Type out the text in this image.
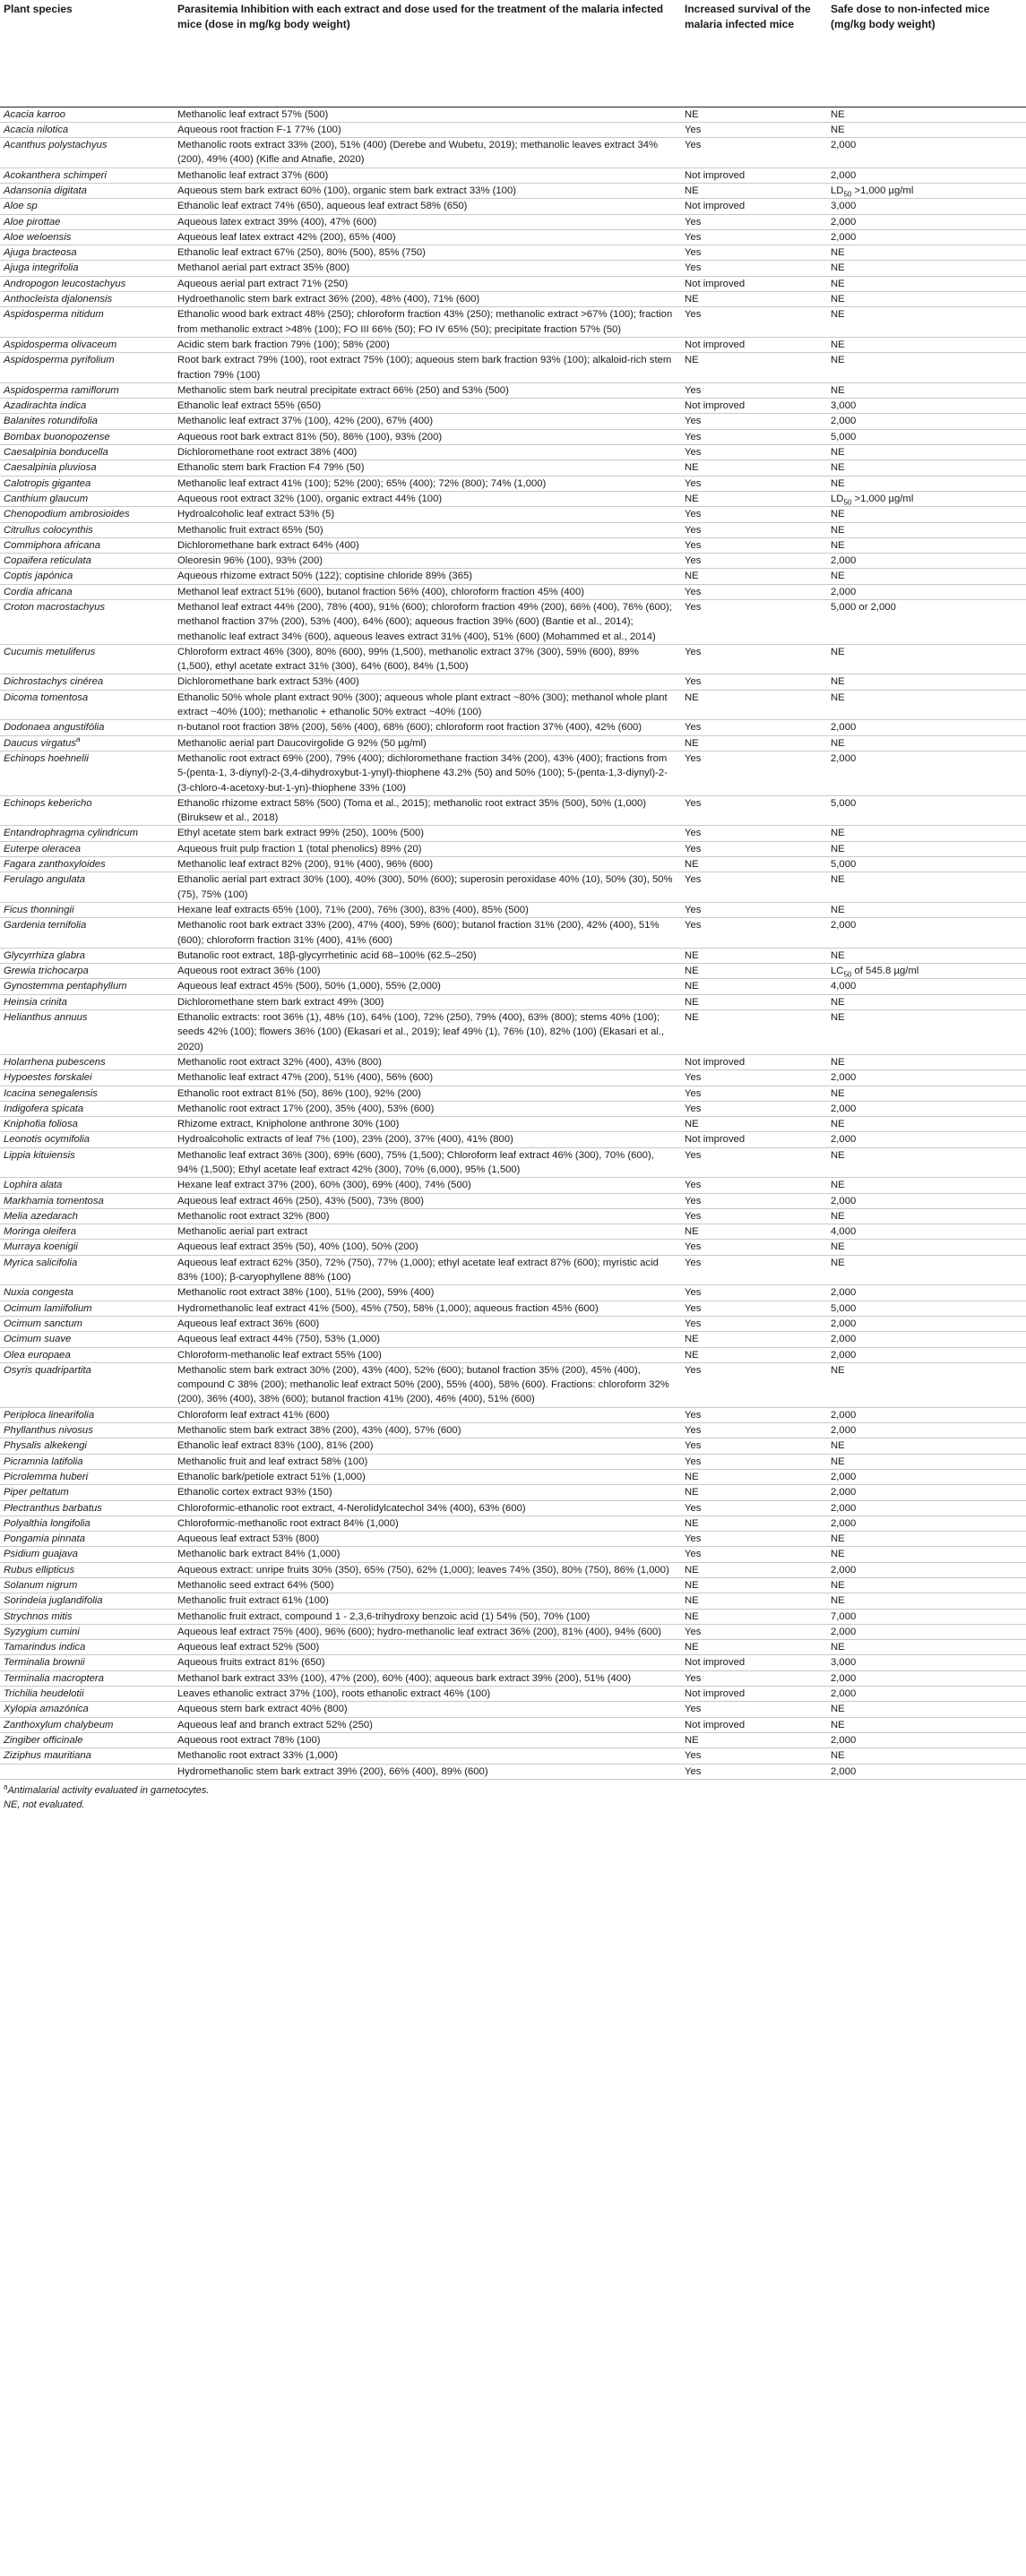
Plant species	Parasitemia Inhibition with each extract and dose used for the treatment of the malaria infected mice (dose in mg/kg body weight)	Increased survival of the malaria infected mice	Safe dose to non-infected mice (mg/kg body weight)
Acacia karroo	Methanolic leaf extract 57% (500)	NE	NE
Acacia nilotica	Aqueous root fraction F-1 77% (100)	Yes	NE
Acanthus polystachyus	Methanolic roots extract 33% (200), 51% (400) (Derebe and Wubetu, 2019); methanolic leaves extract 34% (200), 49% (400) (Kifle and Atnafie, 2020)	Yes	2,000
Acokanthera schimperi	Methanolic leaf extract 37% (600)	Not improved	2,000
Adansonia digitata	Aqueous stem bark extract 60% (100), organic stem bark extract 33% (100)	NE	$LD_{50} >1,000$ µg/ml
Aloe sp	Ethanolic leaf extract 74% (650), aqueous leaf extract 58% (650)	Not improved	3,000
Aloe pirottae	Aqueous latex extract 39% (400), 47% (600)	Yes	2,000
Aloe weloensis	Aqueous leaf latex extract 42% (200), 65% (400)	Yes	2,000
Ajuga bracteosa	Ethanolic leaf extract 67% (250), 80% (500), 85% (750)	Yes	NE
Ajuga integrifolia	Methanol aerial part extract 35% (800)	Yes	NE
Andropogon leucostachyus	Aqueous aerial part extract 71% (250)	Not improved	NE
Anthocleista djalonensis	Hydroethanolic stem bark extract 36% (200), 48% (400), 71% (600)	NE	NE
Aspidosperma nitidum	Ethanolic wood bark extract 48% (250); chloroform fraction 43% (250); methanolic extract >67% (100); fraction from methanolic extract >48% (100); FO III 66% (50); FO IV 65% (50); precipitate fraction 57% (50)	Yes	NE
Aspidosperma olivaceum	Acidic stem bark fraction 79% (100); 58% (200)	Not improved	NE
Aspidosperma pyrifolium	Root bark extract 79% (100), root extract 75% (100); aqueous stem bark fraction 93% (100); alkaloid-rich stem fraction 79% (100)	NE	NE
Aspidosperma ramiflorum	Methanolic stem bark neutral precipitate extract 66% (250) and 53% (500)	Yes	NE
Azadirachta indica	Ethanolic leaf extract 55% (650)	Not improved	3,000
Balanites rotundifolia	Methanolic leaf extract 37% (100), 42% (200), 67% (400)	Yes	2,000
Bombax buonopozense	Aqueous root bark extract 81% (50), 86% (100), 93% (200)	Yes	5,000
Caesalpinia bonducella	Dichloromethane root extract 38% (400)	Yes	NE
Caesalpinia pluviosa	Ethanolic stem bark Fraction F4 79% (50)	NE	NE
Calotropis gigantea	Methanolic leaf extract 41% (100); 52% (200); 65% (400); 72% (800); 74% (1,000)	Yes	NE
Canthium glaucum	Aqueous root extract 32% (100), organic extract 44% (100)	NE	$LD_{50} >1,000$ µg/ml
Chenopodium ambrosioides	Hydroalcoholic leaf extract 53% (5)	Yes	NE
Citrullus colocynthis	Methanolic fruit extract 65% (50)	Yes	NE
Commiphora africana	Dichloromethane bark extract 64% (400)	Yes	NE
Copaifera reticulata	Oleoresin 96% (100), 93% (200)	Yes	2,000
Coptis japónica	Aqueous rhizome extract 50% (122); coptisine chloride 89% (365)	NE	NE
Cordia africana	Methanol leaf extract 51% (600), butanol fraction 56% (400), chloroform fraction 45% (400)	Yes	2,000
Croton macrostachyus	Methanol leaf extract 44% (200), 78% (400), 91% (600); chloroform fraction 49% (200), 66% (400), 76% (600); methanol fraction 37% (200), 53% (400), 64% (600); aqueous fraction 39% (600) (Bantie et al., 2014); methanolic leaf extract 34% (600), aqueous leaves extract 31% (400), 51% (600) (Mohammed et al., 2014)	Yes	5,000 or 2,000
Cucumis metuliferus	Chloroform extract 46% (300), 80% (600), 99% (1,500), methanolic extract 37% (300), 59% (600), 89% (1,500), ethyl acetate extract 31% (300), 64% (600), 84% (1,500)	Yes	NE
Dichrostachys cinérea	Dichloromethane bark extract 53% (400)	Yes	NE
Dicoma tomentosa	Ethanolic 50% whole plant extract 90% (300); aqueous whole plant extract ~80% (300); methanol whole plant extract ~40% (100); methanolic + ethanolic 50% extract ~40% (100)	NE	NE
Dodonaea angustifólia	n-butanol root fraction 38% (200), 56% (400), 68% (600); chloroform root fraction 37% (400), 42% (600)	Yes	2,000
Daucus virgatus$^a$	Methanolic aerial part Daucovirgolide G 92% (50 µg/ml)	NE	NE
Echinops hoehnelii	Methanolic root extract 69% (200), 79% (400); dichloromethane fraction 34% (200), 43% (400); fractions from 5-(penta-1, 3-diynyl)-2-(3,4-dihydroxybut-1-ynyl)-thiophene 43.2% (50) and 50% (100); 5-(penta-1,3-diynyl)-2-(3-chloro-4-acetoxy-but-1-yn)-thiophene 33% (100)	Yes	2,000
Echinops kebericho	Ethanolic rhizome extract 58% (500) (Toma et al., 2015); methanolic root extract 35% (500), 50% (1,000) (Biruksew et al., 2018)	Yes	5,000
Entandrophragma cylindricum	Ethyl acetate stem bark extract 99% (250), 100% (500)	Yes	NE
Euterpe oleracea	Aqueous fruit pulp fraction 1 (total phenolics) 89% (20)	Yes	NE
Fagara zanthoxyloides	Methanolic leaf extract 82% (200), 91% (400), 96% (600)	NE	5,000
Ferulago angulata	Ethanolic aerial part extract 30% (100), 40% (300), 50% (600); superosin peroxidase 40% (10), 50% (30), 50% (75), 75% (100)	Yes	NE
Ficus thonningii	Hexane leaf extracts 65% (100), 71% (200), 76% (300), 83% (400), 85% (500)	Yes	NE
Gardenia ternifolia	Methanolic root bark extract 33% (200), 47% (400), 59% (600); butanol fraction 31% (200), 42% (400), 51% (600); chloroform fraction 31% (400), 41% (600)	Yes	2,000
Glycyrrhiza glabra	Butanolic root extract, 18β-glycyrrhetinic acid 68–100% (62.5–250)	NE	NE
Grewia trichocarpa	Aqueous root extract 36% (100)	NE	$LC_{50}$ of 545.8 µg/ml
Gynostemma pentaphyllum	Aqueous leaf extract 45% (500), 50% (1,000), 55% (2,000)	NE	4,000
Heinsia crinita	Dichloromethane stem bark extract 49% (300)	NE	NE
Helianthus annuus	Ethanolic extracts: root 36% (1), 48% (10), 64% (100), 72% (250), 79% (400), 63% (800); stems 40% (100); seeds 42% (100); flowers 36% (100) (Ekasari et al., 2019); leaf 49% (1), 76% (10), 82% (100) (Ekasari et al., 2020)	NE	NE
Holarrhena pubescens	Methanolic root extract 32% (400), 43% (800)	Not improved	NE
Hypoestes forskalei	Methanolic leaf extract 47% (200), 51% (400), 56% (600)	Yes	2,000
Icacina senegalensis	Ethanolic root extract 81% (50), 86% (100), 92% (200)	Yes	NE
Indigofera spicata	Methanolic root extract 17% (200), 35% (400), 53% (600)	Yes	2,000
Kniphofia foliosa	Rhizome extract, Knipholone anthrone 30% (100)	NE	NE
Leonotis ocymifolia	Hydroalcoholic extracts of leaf 7% (100), 23% (200), 37% (400), 41% (800)	Not improved	2,000
Lippia kituiensis	Methanolic leaf extract 36% (300), 69% (600), 75% (1,500); Chloroform leaf extract 46% (300), 70% (600), 94% (1,500); Ethyl acetate leaf extract 42% (300), 70% (6,000), 95% (1,500)	Yes	NE
Lophira alata	Hexane leaf extract 37% (200), 60% (300), 69% (400), 74% (500)	Yes	NE
Markhamia tomentosa	Aqueous leaf extract 46% (250), 43% (500), 73% (800)	Yes	2,000
Melia azedarach	Methanolic root extract 32% (800)	Yes	NE
Moringa oleifera	Methanolic aerial part extract	NE	4,000
Murraya koenigii	Aqueous leaf extract 35% (50), 40% (100), 50% (200)	Yes	NE
Myrica salicifolia	Aqueous leaf extract 62% (350), 72% (750), 77% (1,000); ethyl acetate leaf extract 87% (600); myristic acid 83% (100); β-caryophyllene 88% (100)	Yes	NE
Nuxia congesta	Methanolic root extract 38% (100), 51% (200), 59% (400)	Yes	2,000
Ocimum lamiifolium	Hydromethanolic leaf extract 41% (500), 45% (750), 58% (1,000); aqueous fraction 45% (600)	Yes	5,000
Ocimum sanctum	Aqueous leaf extract 36% (600)	Yes	2,000
Ocimum suave	Aqueous leaf extract 44% (750), 53% (1,000)	NE	2,000
Olea europaea	Chloroform-methanolic leaf extract 55% (100)	NE	2,000
Osyris quadripartita	Methanolic stem bark extract 30% (200), 43% (400), 52% (600); butanol fraction 35% (200), 45% (400), compound C 38% (200); methanolic leaf extract 50% (200), 55% (400), 58% (600). Fractions: chloroform 32% (200), 36% (400), 38% (600); butanol fraction 41% (200), 46% (400), 51% (600)	Yes	NE
Periploca linearifolia	Chloroform leaf extract 41% (600)	Yes	2,000
Phyllanthus nivosus	Methanolic stem bark extract 38% (200), 43% (400), 57% (600)	Yes	2,000
Physalis alkekengi	Ethanolic leaf extract 83% (100), 81% (200)	Yes	NE
Picramnia latifolia	Methanolic fruit and leaf extract 58% (100)	Yes	NE
Picrolemma huberi	Ethanolic bark/petiole extract 51% (1,000)	NE	2,000
Piper peltatum	Ethanolic cortex extract 93% (150)	NE	2,000
Plectranthus barbatus	Chloroformic-ethanolic root extract, 4-Nerolidylcatechol 34% (400), 63% (600)	Yes	2,000
Polyalthia longifolia	Chloroformic-methanolic root extract 84% (1,000)	NE	2,000
Pongamia pinnata	Aqueous leaf extract 53% (800)	Yes	NE
Psidium guajava	Methanolic bark extract 84% (1,000)	Yes	NE
Rubus ellipticus	Aqueous extract: unripe fruits 30% (350), 65% (750), 62% (1,000); leaves 74% (350), 80% (750), 86% (1,000)	NE	2,000
Solanum nigrum	Methanolic seed extract 64% (500)	NE	NE
Sorindeia juglandifolia	Methanolic fruit extract 61% (100)	NE	NE
Strychnos mitis	Methanolic fruit extract, compound 1 - 2,3,6-trihydroxy benzoic acid (1) 54% (50), 70% (100)	NE	7,000
Syzygium cumini	Aqueous leaf extract 75% (400), 96% (600); hydro-methanolic leaf extract 36% (200), 81% (400), 94% (600)	Yes	2,000
Tamarindus indica	Aqueous leaf extract 52% (500)	NE	NE
Terminalia brownii	Aqueous fruits extract 81% (650)	Not improved	3,000
Terminalia macroptera	Methanol bark extract 33% (100), 47% (200), 60% (400); aqueous bark extract 39% (200), 51% (400)	Yes	2,000
Trichilia heudelotii	Leaves ethanolic extract 37% (100), roots ethanolic extract 46% (100)	Not improved	2,000
Xylopia amazónica	Aqueous stem bark extract 40% (800)	Yes	NE
Zanthoxylum chalybeum	Aqueous leaf and branch extract 52% (250)	Not improved	NE
Zingiber officinale	Aqueous root extract 78% (100)	NE	2,000
Ziziphus mauritiana	Methanolic root extract 33% (1,000)	Yes	NE
	Hydromethanolic stem bark extract 39% (200), 66% (400), 89% (600)	Yes	2,000
$^a$Antimalarial activity evaluated in gametocytes.
NE, not evaluated.
